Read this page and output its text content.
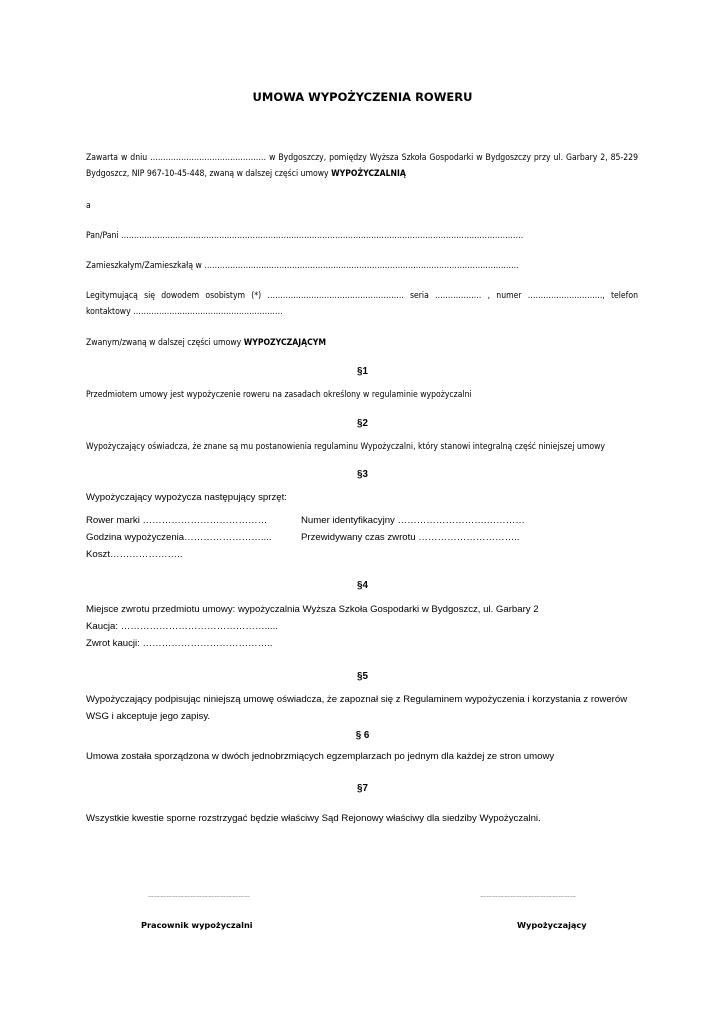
UMOWA WYPOŻYCZENIA ROWERU
Zawarta w dniu ……………………………………… w Bydgoszczy, pomiędzy Wyższa Szkoła Gospodarki w Bydgoszczy przy ul. Garbary 2, 85-229
Bydgoszcz, NIP 967-10-45-448, zwaną w dalszej części umowy WYPOŻYCZALNIĄ
a
Pan/Pani …………………………………………………………………………………………………………………………………………
Zamieszkałym/Zamieszkałą w …………………………………………………………………………………………………………..
Legitymującą się dowodem osobistym (*) …………………………………………….. seria ……………… , numer ……………………….., telefon
kontaktowy ………………………………………………….
Zwanym/zwaną w dalszej części umowy WYPOZYCZAJĄCYM
§1
Przedmiotem umowy jest wypożyczenie roweru na zasadach określony w regulaminie wypożyczalni
§2
Wypożyczający oświadcza, że znane są mu postanowienia regulaminu Wypożyczalni, który stanowi integralną część niniejszej umowy
§3
Wypożyczający wypożycza następujący sprzęt:
Rower marki …………………………………	Numer identyfikacyjny ……………………….…………
Godzina wypożyczenia……………………....	Przewidywany czas zwrotu …………………………..
Koszt…………………..
§4
Miejsce zwrotu przedmiotu umowy: wypożyczalnia Wyższa Szkoła Gospodarki w Bydgoszcz, ul. Garbary 2
Kaucja: ……………………………………….....
Zwrot kaucji: …………………………………..
§5
Wypożyczający podpisując niniejszą umowę oświadcza, że zapoznał się z Regulaminem wypożyczenia i korzystania z rowerów
WSG i akceptuje jego zapisy.
§ 6
Umowa została sporządzona w dwóch jednobrzmiących egzemplarzach po jednym dla każdej ze stron umowy
§7
Wszystkie kwestie sporne rozstrzygać będzie właściwy Sąd Rejonowy właściwy dla siedziby Wypożyczalni.
……………………………………………	…………………………………………
Pracownik wypożyczalni	Wypożyczający
